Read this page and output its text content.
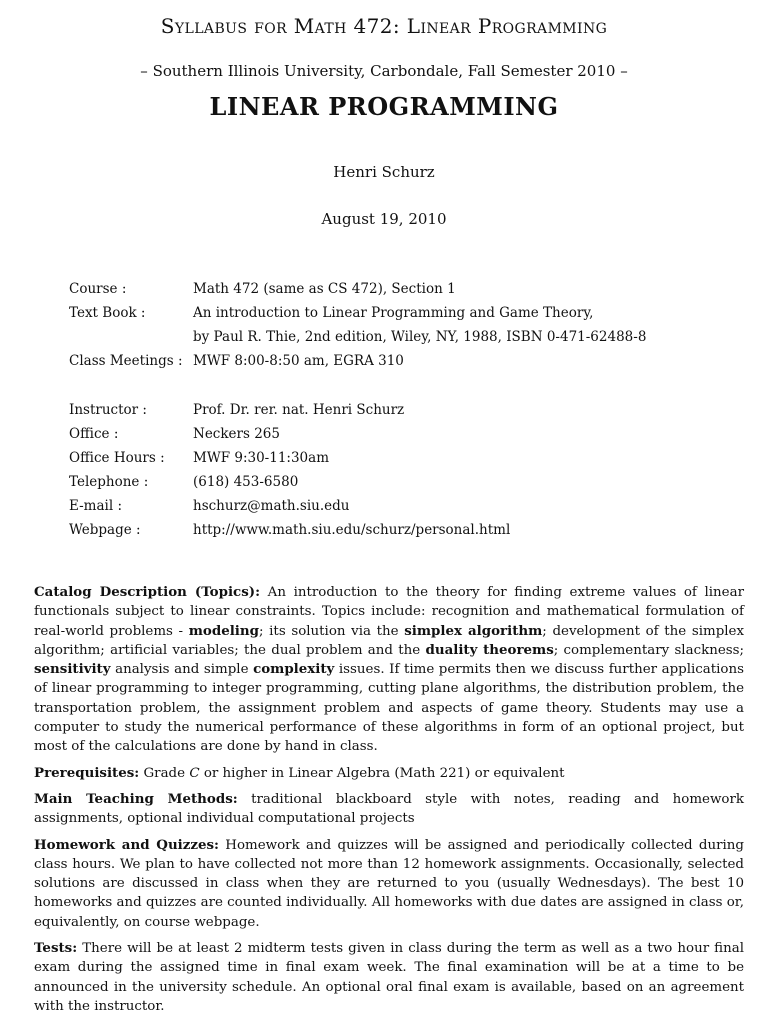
Syllabus for Math 472: Linear Programming
– Southern Illinois University, Carbondale, Fall Semester 2010 –
LINEAR PROGRAMMING
Henri Schurz
August 19, 2010
Course :	Math 472 (same as CS 472), Section 1
Text Book :	An introduction to Linear Programming and Game Theory,
by Paul R. Thie, 2nd edition, Wiley, NY, 1988, ISBN 0-471-62488-8
Class Meetings : MWF 8:00-8:50 am, EGRA 310
Instructor :	Prof. Dr. rer. nat. Henri Schurz
Office :	Neckers 265
Office Hours : MWF 9:30-11:30am
Telephone :	(618) 453-6580
E-mail :	hschurz@math.siu.edu
Webpage :	http://www.math.siu.edu/schurz/personal.html

Catalog Description (Topics): An introduction to the theory for finding extreme values of linear functionals subject to linear constraints. Topics include: recognition and mathematical formulation of real-world problems - modeling; its solution via the simplex algorithm; development of the simplex algorithm; artificial variables; the dual problem and the duality theorems; complementary slackness; sensitivity analysis and simple complexity issues. If time permits then we discuss further applications of linear programming to integer programming, cutting plane algorithms, the distribution problem, the transportation problem, the assignment problem and aspects of game theory. Students may use a computer to study the numerical performance of these algorithms in form of an optional project, but most of the calculations are done by hand in class.

Prerequisites: Grade C or higher in Linear Algebra (Math 221) or equivalent

Main Teaching Methods: traditional blackboard style with notes, reading and homework assignments, optional individual computational projects

Homework and Quizzes: Homework and quizzes will be assigned and periodically collected during class hours. We plan to have collected not more than 12 homework assignments. Occasionally, selected solutions are discussed in class when they are returned to you (usually Wednesdays). The best 10 homeworks and quizzes are counted individually. All homeworks with due dates are assigned in class or, equivalently, on course webpage.

Tests: There will be at least 2 midterm tests given in class during the term as well as a two hour final exam during the assigned time in final exam week. The final examination will be at a time to be announced in the university schedule. An optional oral final exam is available, based on an agreement with the instructor.
